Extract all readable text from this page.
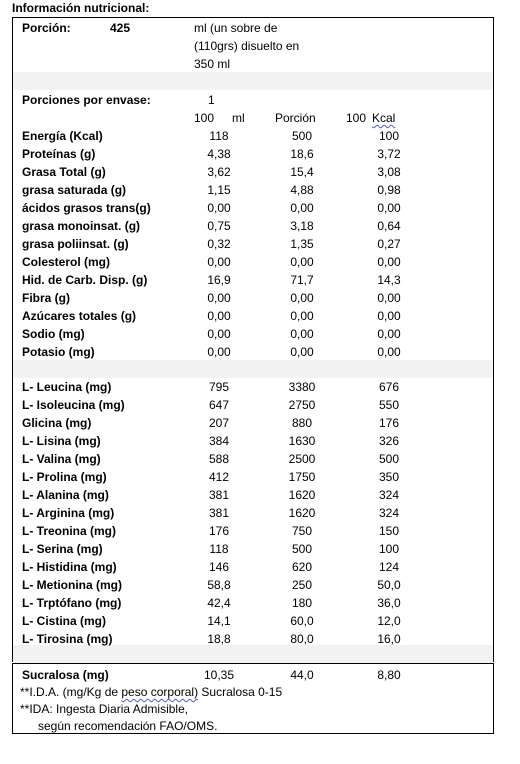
Información nutricional:
Porción:	425	ml (un sobre de
(110grs) disuelto en
350 ml
Porciones por envase:	1
100 ml	Porción	100 Kcal
Energía (Kcal)	118	500	100
Proteínas (g)	4,38	18,6	3,72
Grasa Total (g)	3,62	15,4	3,08
grasa saturada (g)	1,15	4,88	0,98
ácidos grasos trans(g)	0,00	0,00	0,00
grasa monoinsat. (g)	0,75	3,18	0,64
grasa poliinsat. (g)	0,32	1,35	0,27
Colesterol (mg)	0,00	0,00	0,00
Hid. de Carb. Disp. (g)	16,9	71,7	14,3
Fibra (g)	0,00	0,00	0,00
Azúcares totales (g)	0,00	0,00	0,00
Sodio (mg)	0,00	0,00	0,00
Potasio (mg)	0,00	0,00	0,00
L- Leucina (mg)	795	3380	676
L- Isoleucina (mg)	647	2750	550
Glicina (mg)	207	880	176
L- Lisina (mg)	384	1630	326
L- Valina (mg)	588	2500	500
L- Prolina (mg)	412	1750	350
L- Alanina (mg)	381	1620	324
L- Arginina (mg)	381	1620	324
L- Treonina (mg)	176	750	150
L- Serina (mg)	118	500	100
L- Histidina (mg)	146	620	124
L- Metionina (mg)	58,8	250	50,0
L- Trptófano (mg)	42,4	180	36,0
L- Cistina (mg)	14,1	60,0	12,0
L- Tirosina (mg)	18,8	80,0	16,0
Sucralosa (mg)	10,35	44,0	8,80
**I.D.A. (mg/Kg de peso corporal) Sucralosa 0-15
**IDA: Ingesta Diaria Admisible,
según recomendación FAO/OMS.
